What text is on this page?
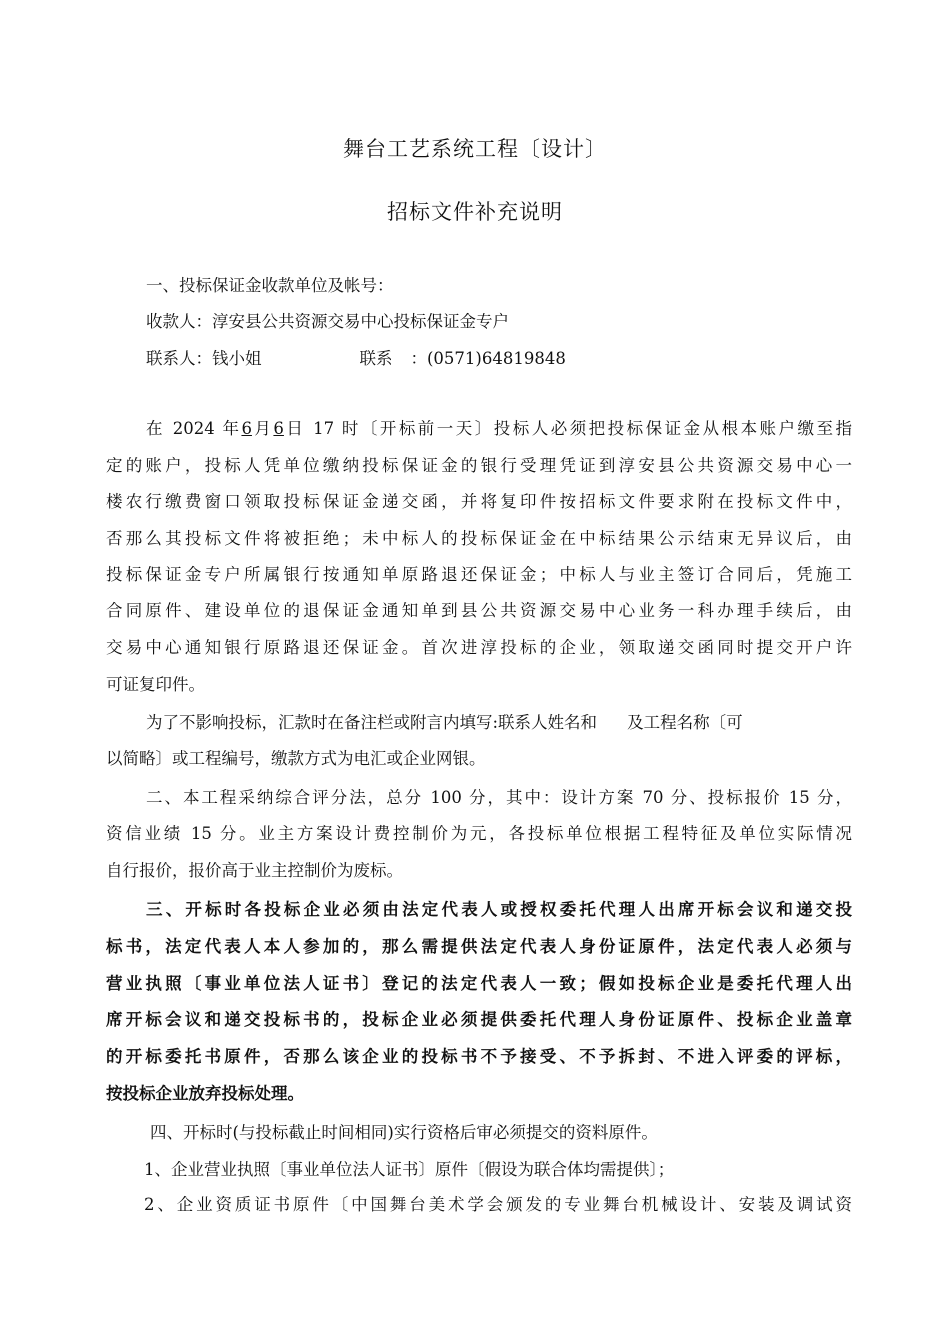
舞台工艺系统工程〔设计〕
招标文件补充说明
一、投标保证金收款单位及帐号：
收款人：淳安县公共资源交易中心投标保证金专户
联系人：钱小姐	联系 ：(0571)64819848
在 2024 年6月6日 17 时〔开标前一天〕投标人必须把投标保证金从根本账户缴至指
定的账户，投标人凭单位缴纳投标保证金的银行受理凭证到淳安县公共资源交易中心一
楼农行缴费窗口领取投标保证金递交函，并将复印件按招标文件要求附在投标文件中，
否那么其投标文件将被拒绝；未中标人的投标保证金在中标结果公示结束无异议后，由
投标保证金专户所属银行按通知单原路退还保证金；中标人与业主签订合同后，凭施工
合同原件、建设单位的退保证金通知单到县公共资源交易中心业务一科办理手续后，由
交易中心通知银行原路退还保证金。首次进淳投标的企业，领取递交函同时提交开户许
可证复印件。
为了不影响投标，汇款时在备注栏或附言内填写:联系人姓名和 及工程名称〔可
以简略〕或工程编号，缴款方式为电汇或企业网银。
二、本工程采纳综合评分法，总分 100 分，其中：设计方案 70 分、投标报价 15 分，
资信业绩 15 分。业主方案设计费控制价为元，各投标单位根据工程特征及单位实际情况
自行报价，报价高于业主控制价为废标。
三、开标时各投标企业必须由法定代表人或授权委托代理人出席开标会议和递交投
标书，法定代表人本人参加的，那么需提供法定代表人身份证原件，法定代表人必须与
营业执照〔事业单位法人证书〕登记的法定代表人一致；假如投标企业是委托代理人出
席开标会议和递交投标书的，投标企业必须提供委托代理人身份证原件、投标企业盖章
的开标委托书原件，否那么该企业的投标书不予接受、不予拆封、不进入评委的评标，
按投标企业放弃投标处理。
四、开标时(与投标截止时间相同)实行资格后审必须提交的资料原件。
1、企业营业执照〔事业单位法人证书〕原件〔假设为联合体均需提供〕；
2、企业资质证书原件〔中国舞台美术学会颁发的专业舞台机械设计、安装及调试资
